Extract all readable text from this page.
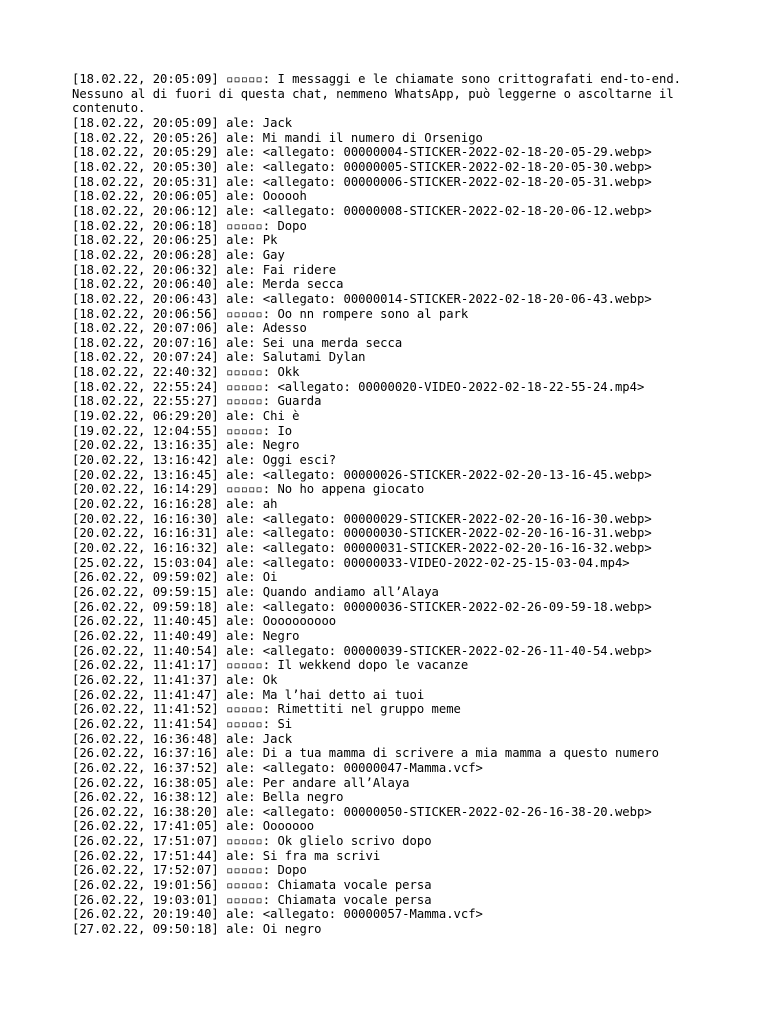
[18.02.22, 20:05:09] ▫▫▫▫▫: I messaggi e le chiamate sono crittografati end-to-end.
Nessuno al di fuori di questa chat, nemmeno WhatsApp, può leggerne o ascoltarne il
contenuto.
[18.02.22, 20:05:09] ale: Jack
[18.02.22, 20:05:26] ale: Mi mandi il numero di Orsenigo
[18.02.22, 20:05:29] ale: <allegato: 00000004-STICKER-2022-02-18-20-05-29.webp>
[18.02.22, 20:05:30] ale: <allegato: 00000005-STICKER-2022-02-18-20-05-30.webp>
[18.02.22, 20:05:31] ale: <allegato: 00000006-STICKER-2022-02-18-20-05-31.webp>
[18.02.22, 20:06:05] ale: Oooooh
[18.02.22, 20:06:12] ale: <allegato: 00000008-STICKER-2022-02-18-20-06-12.webp>
[18.02.22, 20:06:18] ▫▫▫▫▫: Dopo
[18.02.22, 20:06:25] ale: Pk
[18.02.22, 20:06:28] ale: Gay
[18.02.22, 20:06:32] ale: Fai ridere
[18.02.22, 20:06:40] ale: Merda secca
[18.02.22, 20:06:43] ale: <allegato: 00000014-STICKER-2022-02-18-20-06-43.webp>
[18.02.22, 20:06:56] ▫▫▫▫▫: Oo nn rompere sono al park
[18.02.22, 20:07:06] ale: Adesso
[18.02.22, 20:07:16] ale: Sei una merda secca
[18.02.22, 20:07:24] ale: Salutami Dylan
[18.02.22, 22:40:32] ▫▫▫▫▫: Okk
[18.02.22, 22:55:24] ▫▫▫▫▫: <allegato: 00000020-VIDEO-2022-02-18-22-55-24.mp4>
[18.02.22, 22:55:27] ▫▫▫▫▫: Guarda
[19.02.22, 06:29:20] ale: Chi è
[19.02.22, 12:04:55] ▫▫▫▫▫: Io
[20.02.22, 13:16:35] ale: Negro
[20.02.22, 13:16:42] ale: Oggi esci?
[20.02.22, 13:16:45] ale: <allegato: 00000026-STICKER-2022-02-20-13-16-45.webp>
[20.02.22, 16:14:29] ▫▫▫▫▫: No ho appena giocato
[20.02.22, 16:16:28] ale: ah
[20.02.22, 16:16:30] ale: <allegato: 00000029-STICKER-2022-02-20-16-16-30.webp>
[20.02.22, 16:16:31] ale: <allegato: 00000030-STICKER-2022-02-20-16-16-31.webp>
[20.02.22, 16:16:32] ale: <allegato: 00000031-STICKER-2022-02-20-16-16-32.webp>
[25.02.22, 15:03:04] ale: <allegato: 00000033-VIDEO-2022-02-25-15-03-04.mp4>
[26.02.22, 09:59:02] ale: Oi
[26.02.22, 09:59:15] ale: Quando andiamo all’Alaya
[26.02.22, 09:59:18] ale: <allegato: 00000036-STICKER-2022-02-26-09-59-18.webp>
[26.02.22, 11:40:45] ale: Oooooooooo
[26.02.22, 11:40:49] ale: Negro
[26.02.22, 11:40:54] ale: <allegato: 00000039-STICKER-2022-02-26-11-40-54.webp>
[26.02.22, 11:41:17] ▫▫▫▫▫: Il wekkend dopo le vacanze
[26.02.22, 11:41:37] ale: Ok
[26.02.22, 11:41:47] ale: Ma l’hai detto ai tuoi
[26.02.22, 11:41:52] ▫▫▫▫▫: Rimettiti nel gruppo meme
[26.02.22, 11:41:54] ▫▫▫▫▫: Si
[26.02.22, 16:36:48] ale: Jack
[26.02.22, 16:37:16] ale: Di a tua mamma di scrivere a mia mamma a questo numero
[26.02.22, 16:37:52] ale: <allegato: 00000047-Mamma.vcf>
[26.02.22, 16:38:05] ale: Per andare all’Alaya
[26.02.22, 16:38:12] ale: Bella negro
[26.02.22, 16:38:20] ale: <allegato: 00000050-STICKER-2022-02-26-16-38-20.webp>
[26.02.22, 17:41:05] ale: Ooooooo
[26.02.22, 17:51:07] ▫▫▫▫▫: Ok glielo scrivo dopo
[26.02.22, 17:51:44] ale: Si fra ma scrivi
[26.02.22, 17:52:07] ▫▫▫▫▫: Dopo
[26.02.22, 19:01:56] ▫▫▫▫▫: Chiamata vocale persa
[26.02.22, 19:03:01] ▫▫▫▫▫: Chiamata vocale persa
[26.02.22, 20:19:40] ale: <allegato: 00000057-Mamma.vcf>
[27.02.22, 09:50:18] ale: Oi negro
